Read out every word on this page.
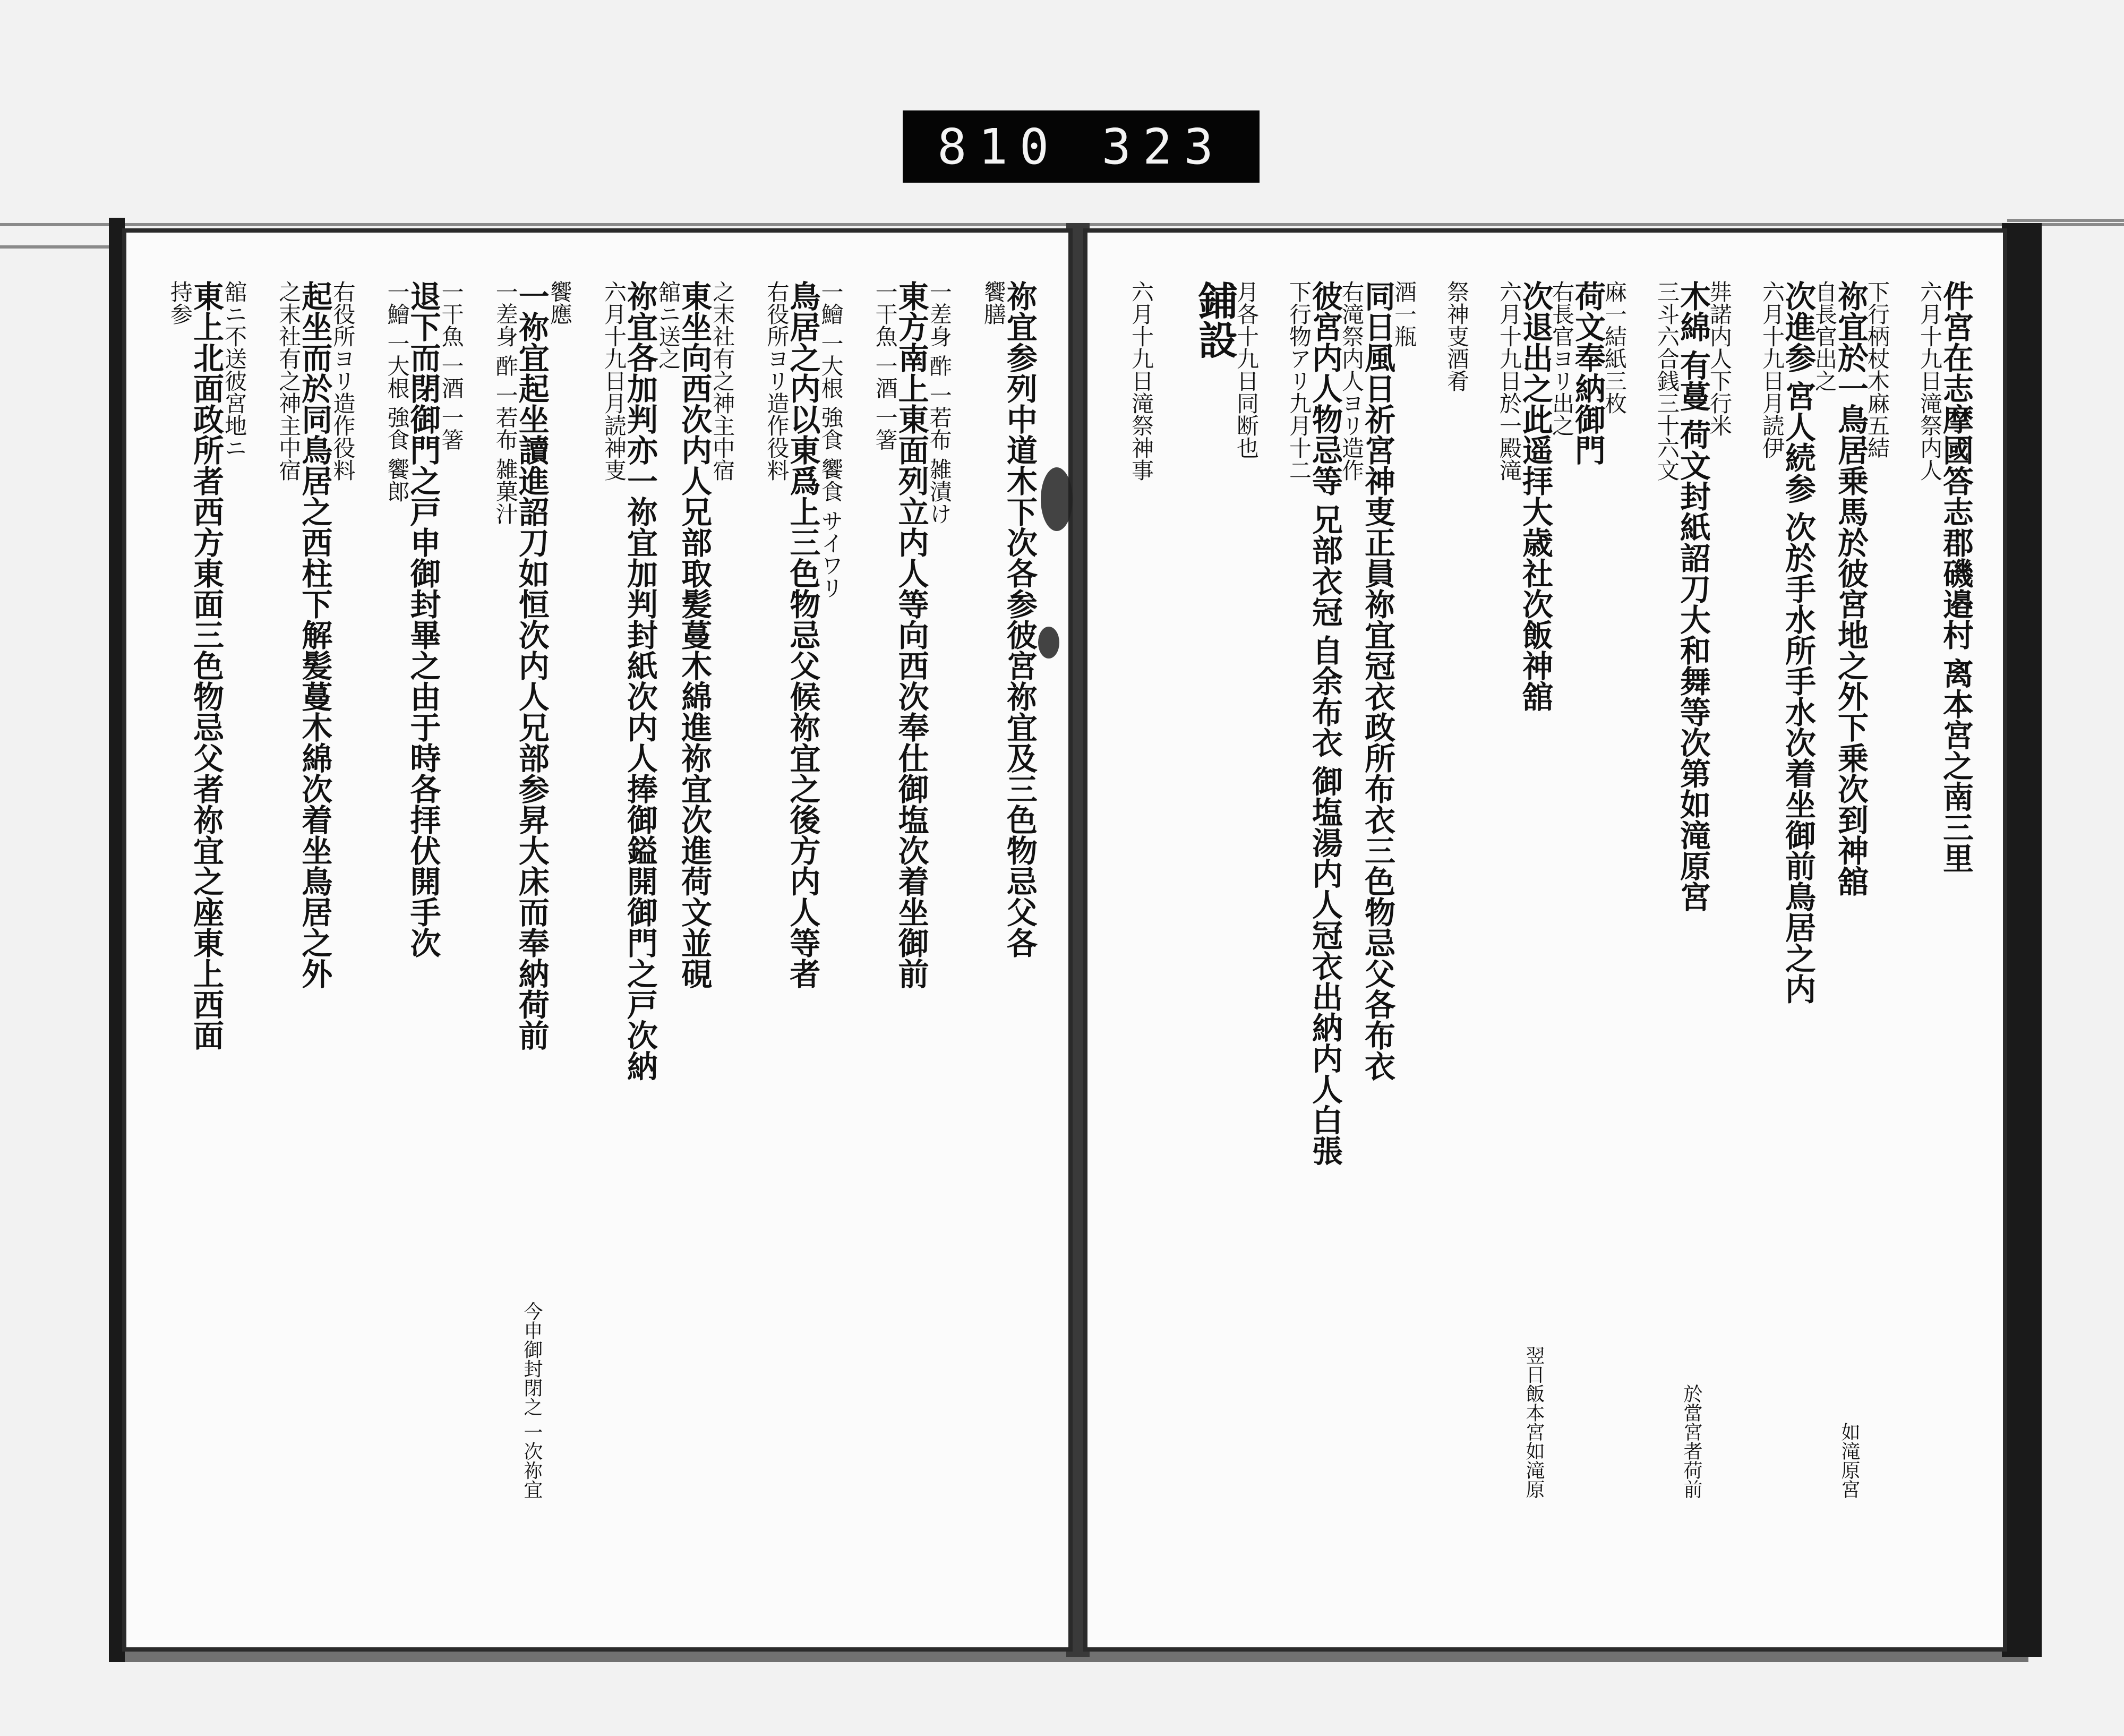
810 323
饗膳
祢宜参列中道木下次各参彼宮祢宜及三色物忌父各
一差身 酢 一若布 雑漬け
一干魚 一酒 一箸
東方南上東面列立内人等向西次奉仕御塩次着坐御前
一鱠 一大根 強食 饗食 サイワリ
右役所ヨリ造作役料
鳥居之内以東爲上三色物忌父候祢宜之後方内人等者
之末社有之神主中宿
舘ニ送之
東坐向西次内人兄部取髪蔓木綿進祢宜次進荷文並硯
六月十九日月読神叓
祢宜各加判亦一祢宜加判封紙次内人捧御鎰開御門之戸次納
饗應
一差身 酢 一若布 雑菓汁
一祢宜起坐讀進詔刀如恒次内人兄部参昇大床而奉納荷前
今申御封閉之 一次祢宜
一干魚 一酒 一箸
一鱠 一大根 強食 饗郎
退下而閉御門之戸申御封畢之由于時各拝伏開手次
右役所ヨリ造作役料
之末社有之神主中宿
起坐而於同鳥居之西柱下解髪蔓木綿次着坐鳥居之外
舘ニ不送彼宮地ニ
持参
東上北面政所者西方東面三色物忌父者祢宜之座東上西面	六月十九日滝祭内人
件宮在志摩國答志郡磯邉村 离本宮之南三里
下行柄杖木麻五結
自長官出之
祢宜於一鳥居乗馬於彼宮地之外下乗次到神舘
如滝原宮
六月十九日月読伊
次進参 宮人続参 次於手水所手水次着坐御前鳥居之内
弉諾内人下行米
三斗六合銭三十六文
木綿 有蔓 荷文封紙詔刀大和舞等次第如滝原宮
於當宮者荷前
麻一結紙三枚
右長官ヨリ出之
荷文奉納御門
六月十九日於一殿滝
次退出之此遥拝大歳社次飯神舘
翌日飯本宮如滝原
祭神叓酒肴
酒一瓶
右滝祭内人ヨリ造作
同日風日祈宮神叓正員祢宜冠衣政所布衣三色物忌父各布衣
下行物アリ九月十二
彼宮内人物忌等 兄部衣冠 自余布衣 御塩湯内人冠衣出納内人白張
月各十九日同断也
鋪設
六月十九日滝祭神事
